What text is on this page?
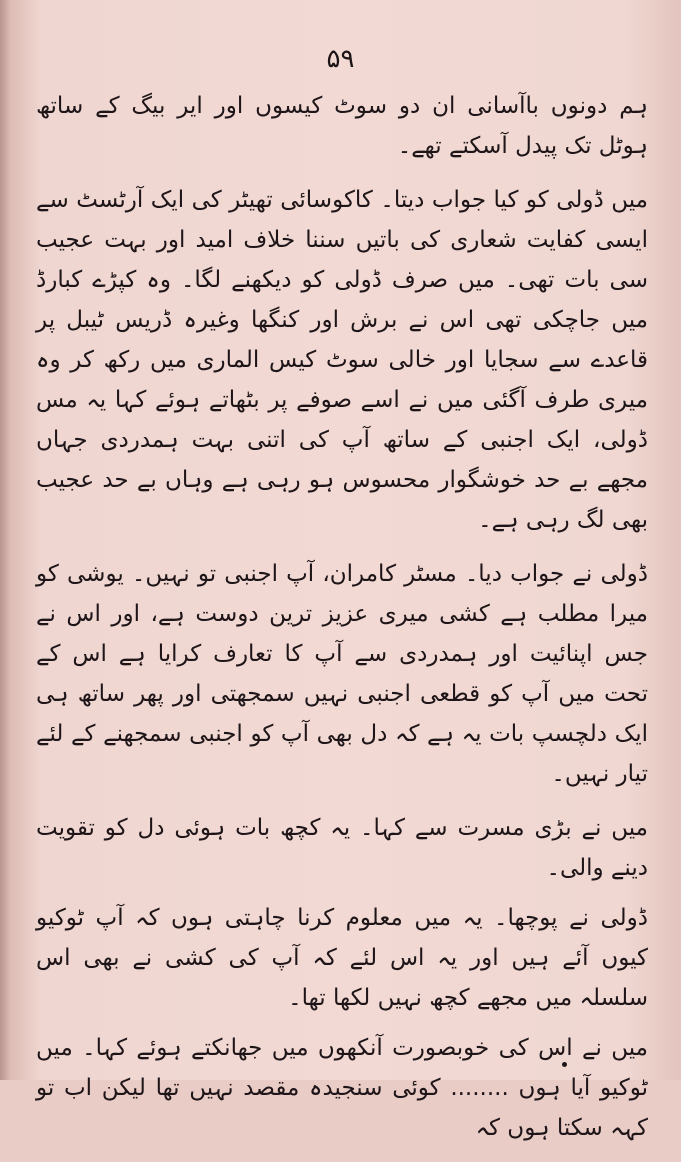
۵۹

ہم دونوں باآسانی ان دو سوٹ کیسوں اور ایر بیگ کے ساتھ ہوٹل تک پیدل آسکتے تھے۔

میں ڈولی کو کیا جواب دیتا۔ کاکوسائی تھیٹر کی ایک آرٹسٹ سے ایسی کفایت شعاری کی باتیں سننا خلاف امید اور بہت عجیب سی بات تھی۔ میں صرف ڈولی کو دیکھنے لگا۔ وہ کپڑے کبارڈ میں جاچکی تھی اس نے برش اور کنگھا وغیرہ ڈریس ٹیبل پر قاعدے سے سجایا اور خالی سوٹ کیس الماری میں رکھ کر وہ میری طرف آگئی میں نے اسے صوفے پر بٹھاتے ہوئے کہا یہ مس ڈولی، ایک اجنبی کے ساتھ آپ کی اتنی بہت ہمدردی جہاں مجھے بے حد خوشگوار محسوس ہو رہی ہے وہاں بے حد عجیب بھی لگ رہی ہے۔

ڈولی نے جواب دیا۔ مسٹر کامران، آپ اجنبی تو نہیں۔ یوشی کو میرا مطلب ہے کشی میری عزیز ترین دوست ہے، اور اس نے جس اپنائیت اور ہمدردی سے آپ کا تعارف کرایا ہے اس کے تحت میں آپ کو قطعی اجنبی نہیں سمجھتی اور پھر ساتھ ہی ایک دلچسپ بات یہ ہے کہ دل بھی آپ کو اجنبی سمجھنے کے لئے تیار نہیں۔

میں نے بڑی مسرت سے کہا۔ یہ کچھ بات ہوئی دل کو تقویت دینے والی۔

ڈولی نے پوچھا۔ یہ میں معلوم کرنا چاہتی ہوں کہ آپ ٹوکیو کیوں آئے ہیں اور یہ اس لئے کہ آپ کی کشی نے بھی اس سلسلہ میں مجھے کچھ نہیں لکھا تھا۔

میں نے اس کی خوبصورت آنکھوں میں جھانکتے ہوئے کہا۔ میں ٹوکیو آیا ہوں ........ کوئی سنجیدہ مقصد نہیں تھا لیکن اب تو کہہ سکتا ہوں کہ
